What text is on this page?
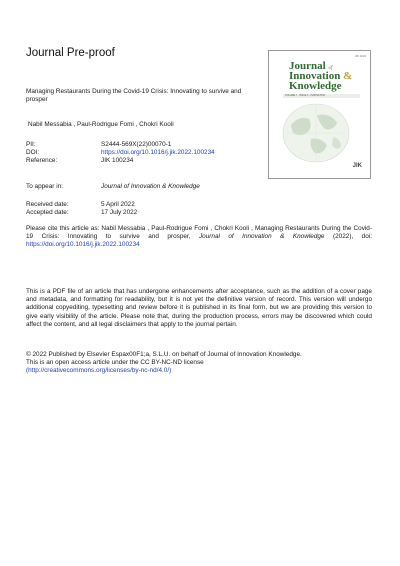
Journal Pre-proof
Managing Restaurants During the Covid-19 Crisis: Innovating to survive and prosper
Nabil Messabia , Paul-Rodrigue Fomi , Chokri Kooli
PII:	S2444-569X(22)00070-1
DOI:	https://doi.org/10.1016/j.jik.2022.100234
Reference:	JIK 100234
To appear in:	Journal of Innovation & Knowledge
Received date:	5 April 2022
Accepted date:	17 July 2022
Please cite this article as: Nabil Messabia , Paul-Rodrigue Fomi , Chokri Kooli , Managing Restaurants During the Covid-19 Crisis: Innovating to survive and prosper, Journal of Innovation & Knowledge (2022), doi: https://doi.org/10.1016/j.jik.2022.100234
This is a PDF file of an article that has undergone enhancements after acceptance, such as the addition of a cover page and metadata, and formatting for readability, but it is not yet the definitive version of record. This version will undergo additional copyediting, typesetting and review before it is published in its final form, but we are providing this version to give early visibility of the article. Please note that, during the production process, errors may be discovered which could affect the content, and all legal disclaimers that apply to the journal pertain.
© 2022 Published by Elsevier Espax00F1;a, S.L.U. on behalf of Journal of Innovation Knowledge.
This is an open access article under the CC BY-NC-ND license
(http://creativecommons.org/licenses/by-nc-nd/4.0/)
JIK 2022
Journal of
Innovation &
Knowledge
VOLUME 7 · ISSUE 3 · INNOVATION
JIK
